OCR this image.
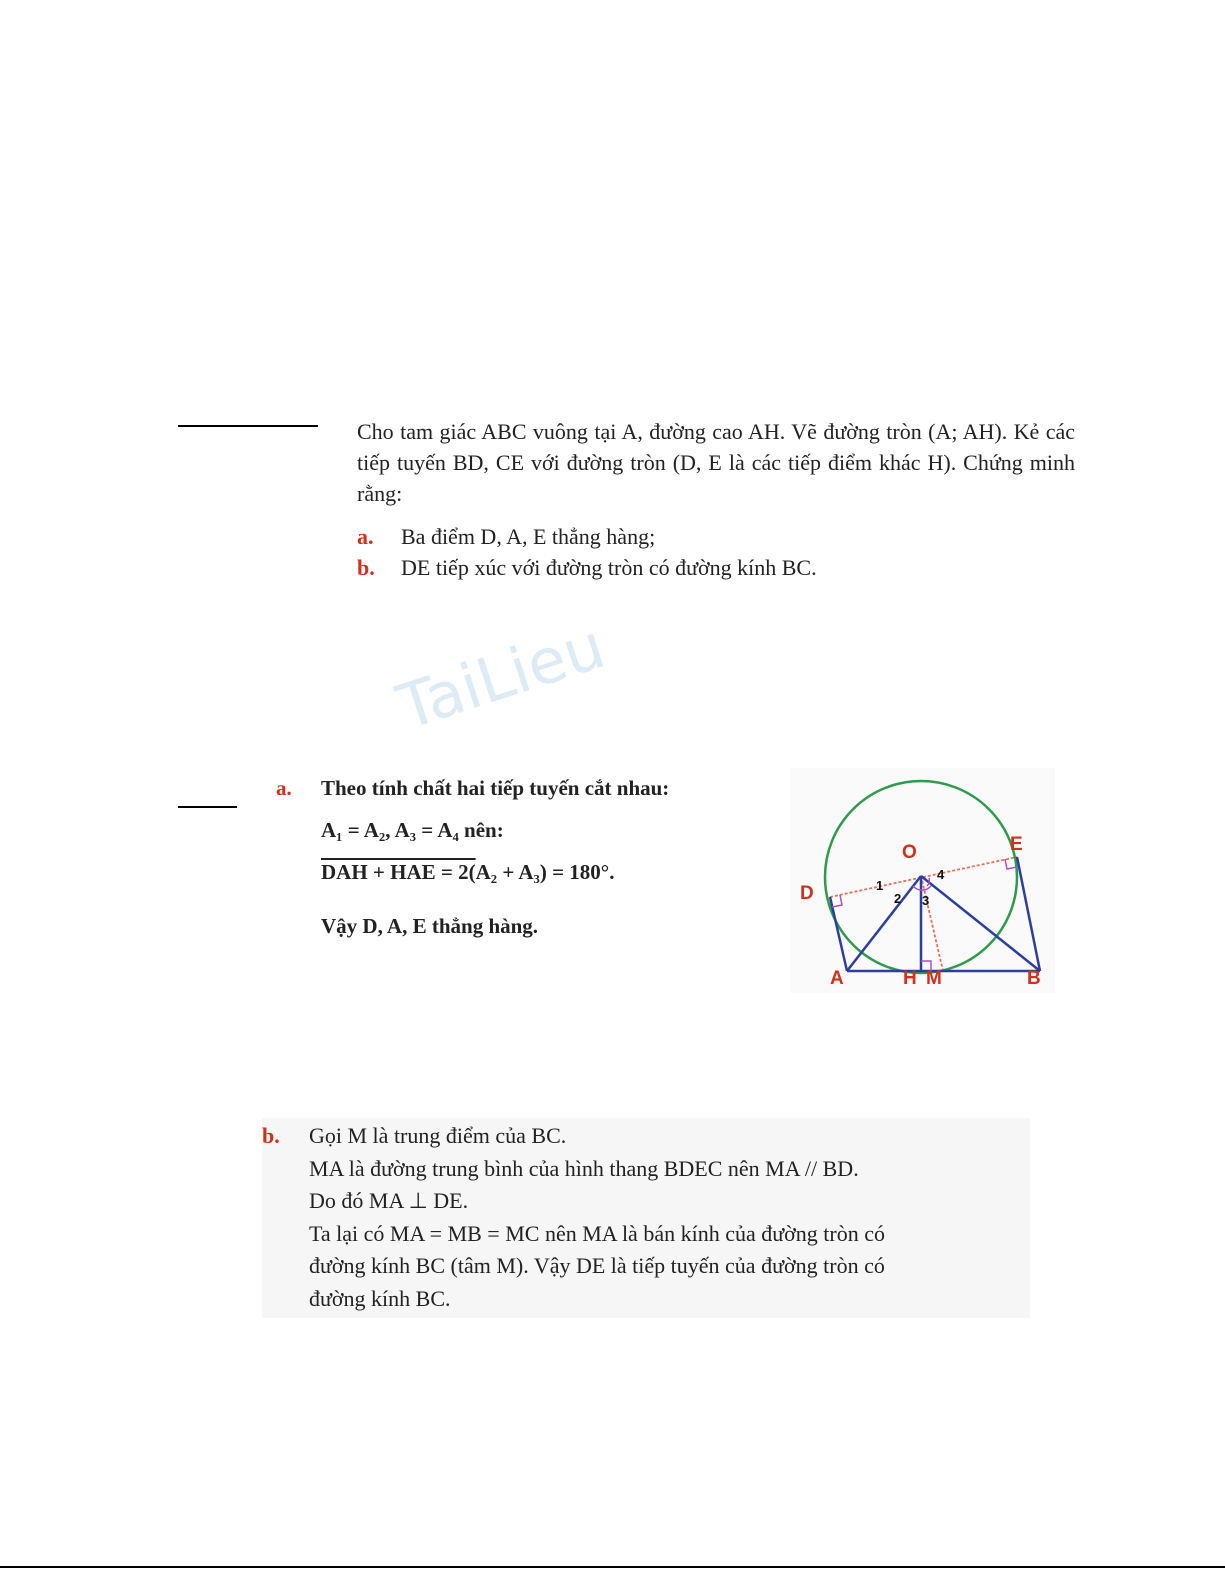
TaiLieu
Cho tam giác ABC vuông tại A, đường cao AH. Vẽ đường tròn (A; AH). Kẻ các tiếp tuyến BD, CE với đường tròn (D, E là các tiếp điểm khác H). Chứng minh rằng:
a. Ba điểm D, A, E thẳng hàng;
b. DE tiếp xúc với đường tròn có đường kính BC.
a. Theo tính chất hai tiếp tuyến cắt nhau:
A₁ = A₂, A₃ = A₄ nên:
DAH + HAE = 2(A₂ + A₃) = 180°.
Vậy D, A, E thẳng hàng.
O	E
D
A	H M	B
1
2 3
4
b.	Gọi M là trung điểm của BC.
MA là đường trung bình của hình thang BDEC nên MA // BD.
Do đó MA ⊥ DE.
Ta lại có MA = MB = MC nên MA là bán kính của đường tròn có
đường kính BC (tâm M). Vậy DE là tiếp tuyến của đường tròn có
đường kính BC.
